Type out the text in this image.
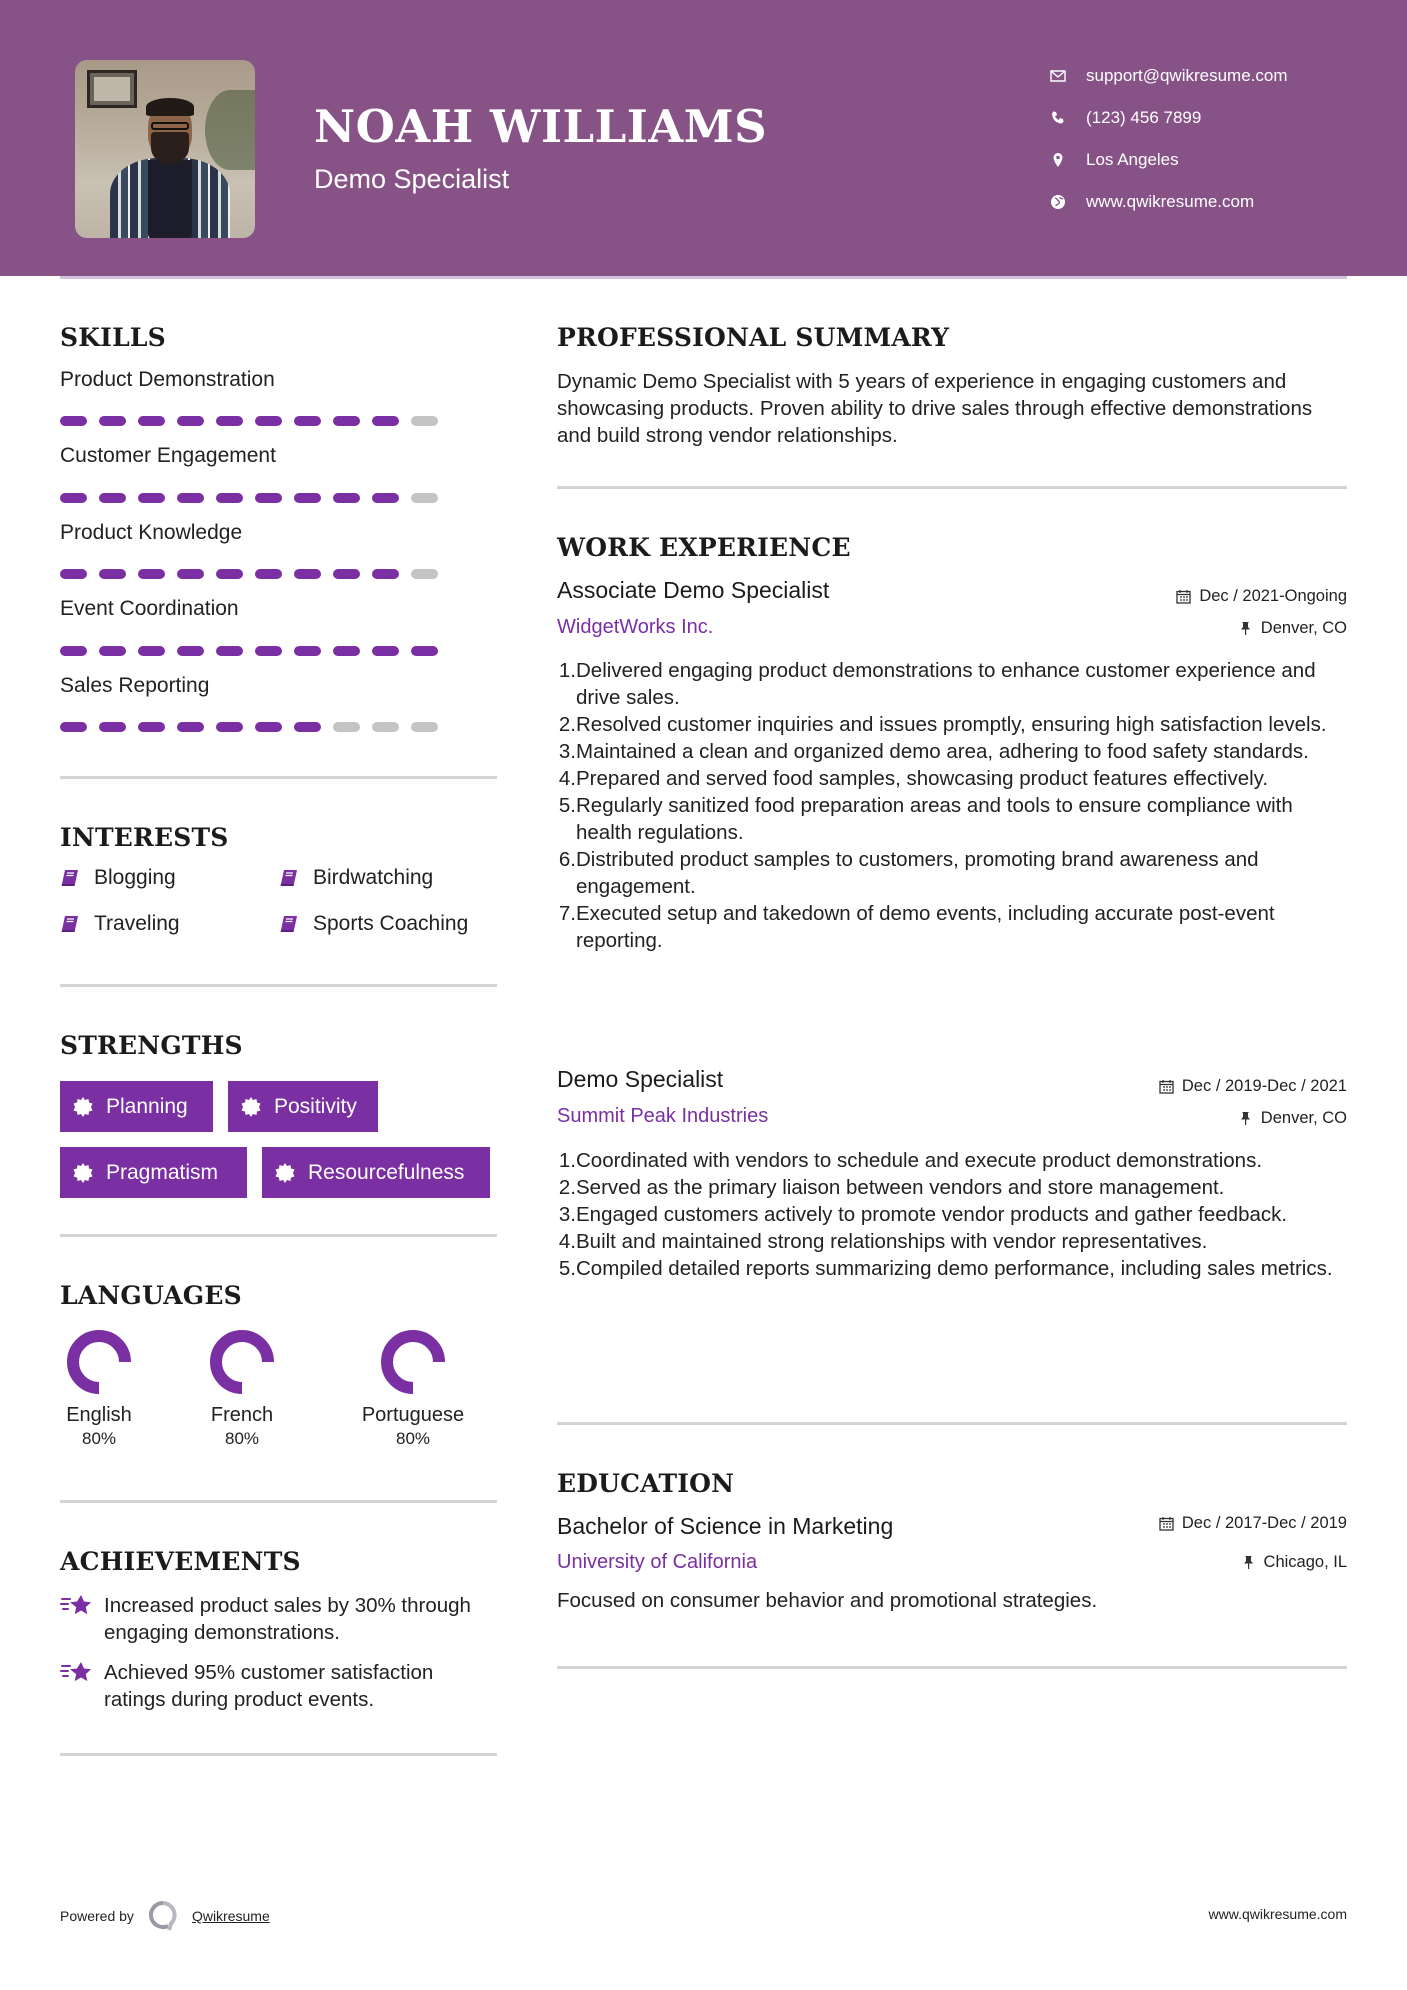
NOAH WILLIAMS
Demo Specialist
support@qwikresume.com
(123) 456 7899
Los Angeles
www.qwikresume.com
SKILLS
Product Demonstration
Customer Engagement
Product Knowledge
Event Coordination
Sales Reporting
INTERESTS
Blogging	Birdwatching
Traveling	Sports Coaching
STRENGTHS
Planning	Positivity
Pragmatism	Resourcefulness
LANGUAGES
English
80%
French
80%
Portuguese
80%
ACHIEVEMENTS
Increased product sales by 30% through engaging demonstrations.
Achieved 95% customer satisfaction ratings during product events.
PROFESSIONAL SUMMARY
Dynamic Demo Specialist with 5 years of experience in engaging customers and showcasing products. Proven ability to drive sales through effective demonstrations and build strong vendor relationships.
WORK EXPERIENCE
Associate Demo Specialist	Dec / 2021-Ongoing
WidgetWorks Inc.	Denver, CO
1. Delivered engaging product demonstrations to enhance customer experience and drive sales.
2. Resolved customer inquiries and issues promptly, ensuring high satisfaction levels.
3. Maintained a clean and organized demo area, adhering to food safety standards.
4. Prepared and served food samples, showcasing product features effectively.
5. Regularly sanitized food preparation areas and tools to ensure compliance with health regulations.
6. Distributed product samples to customers, promoting brand awareness and engagement.
7. Executed setup and takedown of demo events, including accurate post-event reporting.
Demo Specialist	Dec / 2019-Dec / 2021
Summit Peak Industries	Denver, CO
1. Coordinated with vendors to schedule and execute product demonstrations.
2. Served as the primary liaison between vendors and store management.
3. Engaged customers actively to promote vendor products and gather feedback.
4. Built and maintained strong relationships with vendor representatives.
5. Compiled detailed reports summarizing demo performance, including sales metrics.
EDUCATION
Bachelor of Science in Marketing	Dec / 2017-Dec / 2019
University of California	Chicago, IL
Focused on consumer behavior and promotional strategies.
Powered by	Qwikresume	www.qwikresume.com
